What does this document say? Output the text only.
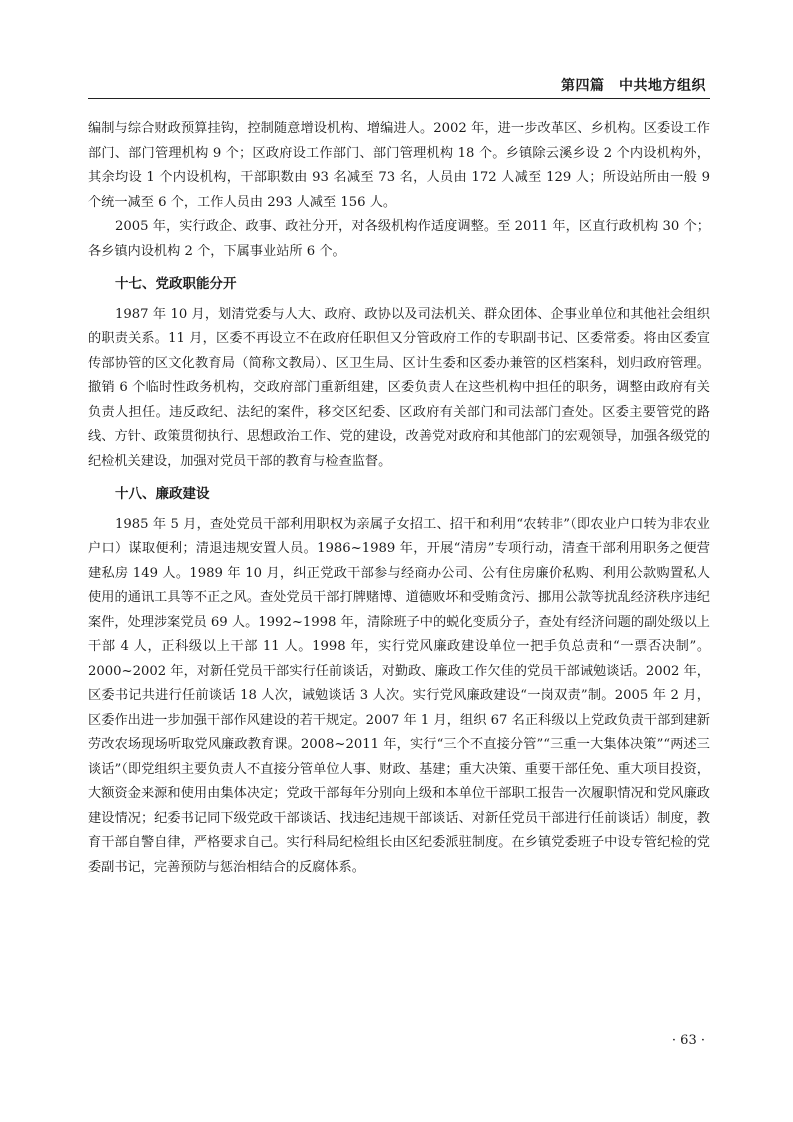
第四篇　中共地方组织

编制与综合财政预算挂钩，控制随意增设机构、增编进人。2002 年，进一步改革区、乡机构。区委设工作部门、部门管理机构 9 个；区政府设工作部门、部门管理机构 18 个。乡镇除云溪乡设 2 个内设机构外，其余均设 1 个内设机构，干部职数由 93 名减至 73 名，人员由 172 人减至 129 人；所设站所由一般 9 个统一减至 6 个，工作人员由 293 人减至 156 人。

2005 年，实行政企、政事、政社分开，对各级机构作适度调整。至 2011 年，区直行政机构 30 个；各乡镇内设机构 2 个，下属事业站所 6 个。

十七、党政职能分开

1987 年 10 月，划清党委与人大、政府、政协以及司法机关、群众团体、企事业单位和其他社会组织的职责关系。11 月，区委不再设立不在政府任职但又分管政府工作的专职副书记、区委常委。将由区委宣传部协管的区文化教育局（简称文教局）、区卫生局、区计生委和区委办兼管的区档案科，划归政府管理。撤销 6 个临时性政务机构，交政府部门重新组建，区委负责人在这些机构中担任的职务，调整由政府有关负责人担任。违反政纪、法纪的案件，移交区纪委、区政府有关部门和司法部门查处。区委主要管党的路线、方针、政策贯彻执行、思想政治工作、党的建设，改善党对政府和其他部门的宏观领导，加强各级党的纪检机关建设，加强对党员干部的教育与检查监督。

十八、廉政建设

1985 年 5 月，查处党员干部利用职权为亲属子女招工、招干和利用“农转非”（即农业户口转为非农业户口）谋取便利；清退违规安置人员。1986~1989 年，开展“清房”专项行动，清查干部利用职务之便营建私房 149 人。1989 年 10 月，纠正党政干部参与经商办公司、公有住房廉价私购、利用公款购置私人使用的通讯工具等不正之风。查处党员干部打牌赌博、道德败坏和受贿贪污、挪用公款等扰乱经济秩序违纪案件，处理涉案党员 69 人。1992~1998 年，清除班子中的蜕化变质分子，查处有经济问题的副处级以上干部 4 人，正科级以上干部 11 人。1998 年，实行党风廉政建设单位一把手负总责和“一票否决制”。2000~2002 年，对新任党员干部实行任前谈话，对勤政、廉政工作欠佳的党员干部诫勉谈话。2002 年，区委书记共进行任前谈话 18 人次，诫勉谈话 3 人次。实行党风廉政建设“一岗双责”制。2005 年 2 月，区委作出进一步加强干部作风建设的若干规定。2007 年 1 月，组织 67 名正科级以上党政负责干部到建新劳改农场现场听取党风廉政教育课。2008~2011 年，实行“三个不直接分管”“三重一大集体决策”“两述三谈话”（即党组织主要负责人不直接分管单位人事、财政、基建；重大决策、重要干部任免、重大项目投资，大额资金来源和使用由集体决定；党政干部每年分别向上级和本单位干部职工报告一次履职情况和党风廉政建设情况；纪委书记同下级党政干部谈话、找违纪违规干部谈话、对新任党员干部进行任前谈话）制度，教育干部自警自律，严格要求自己。实行科局纪检组长由区纪委派驻制度。在乡镇党委班子中设专管纪检的党委副书记，完善预防与惩治相结合的反腐体系。

· 63 ·
